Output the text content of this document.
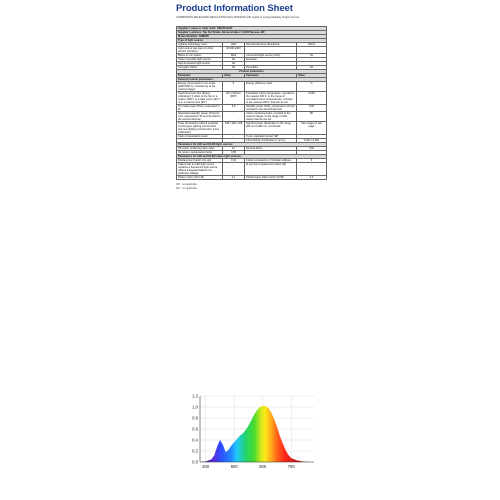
Product Information Sheet
COMMISSION DELEGATED REGULATION (EU) 2019/2015 with regard to energy labelling of light sources
Supplier's name or trade mark: GMAXLIGHT			
Supplier's address: Tap Fat Straße, Emmerstraße 2, 31402 Nessau, BR			
Model identifier: GM8050			
Type of light source:			
Lighting technology used:	LED	Non-directional or directional:	NDLS
Light source cap-type (or other electric interface):	AC100-240V		
Mains or non-mains:	MLS	Connected light source (CLS):	No
Colour-tuneable light source:	No	Envelope:	-
High luminance light source:	No		
Anti-glare shield:	No	Dimmable:	No
Product parameters			
Parameter	Value	Parameter	Value
General product parameters:			
Energy consumption in on-mode (kWh/1000 h), rounded up to the nearest integer	5	Energy efficiency class	G
Useful luminous flux (Φuse), indicating if it refers to the flux in a sphere (360°), in a wide cone (120°) or in a narrow cone (90°)	96 in Sphere (360°)	Correlated colour temperature, rounded to the nearest 100 K, or the range of correlated colour temperatures, rounded to the nearest 100 K, that can be set	3,000
On-mode power (Pon), expressed in W	5,0	Standby power (Psb), expressed in W and rounded to the second decimal	0,00
Networked standby power (Pnet) for CLS, expressed in W and rounded to the second decimal	-	Colour rendering index, rounded to the nearest integer, or the range of CRI-values that can be set	80
Outer dimensions without separate control gear, lighting control parts and non-lighting control parts, if any (millimetre)	108 / 108 / 108	Spectral power distribution in the range 250 nm to 800 nm, at full-load	See image on last page
Claim of equivalent power	-	If yes, equivalent power (W)	-
		Chromaticity coordinates (x and y)	0,324 / 0,399
Parameters for LED and OLED light sources:			
R9 colour rendering index value	10	Survival factor	0,50
the lumen maintenance factor	0,85		
Parameters for LED and OLED mains light sources:			
Displacement factor (cos φ1)	0,40	Colour consistency in McAdam ellipses	6
Claims that an LED light source replaces a fluorescent light source without integrated ballast of a particular wattage	-	(if yes then) replacement claim (W)	-
Flicker metric (Pst LM)	0,1	Stroboscopic effect metric (SVM)	0,4
NA* : not applicable
NA* : not applicable
0.0
0.2
0.4
0.6
0.8
1.0
1.2
400	500	600	700
